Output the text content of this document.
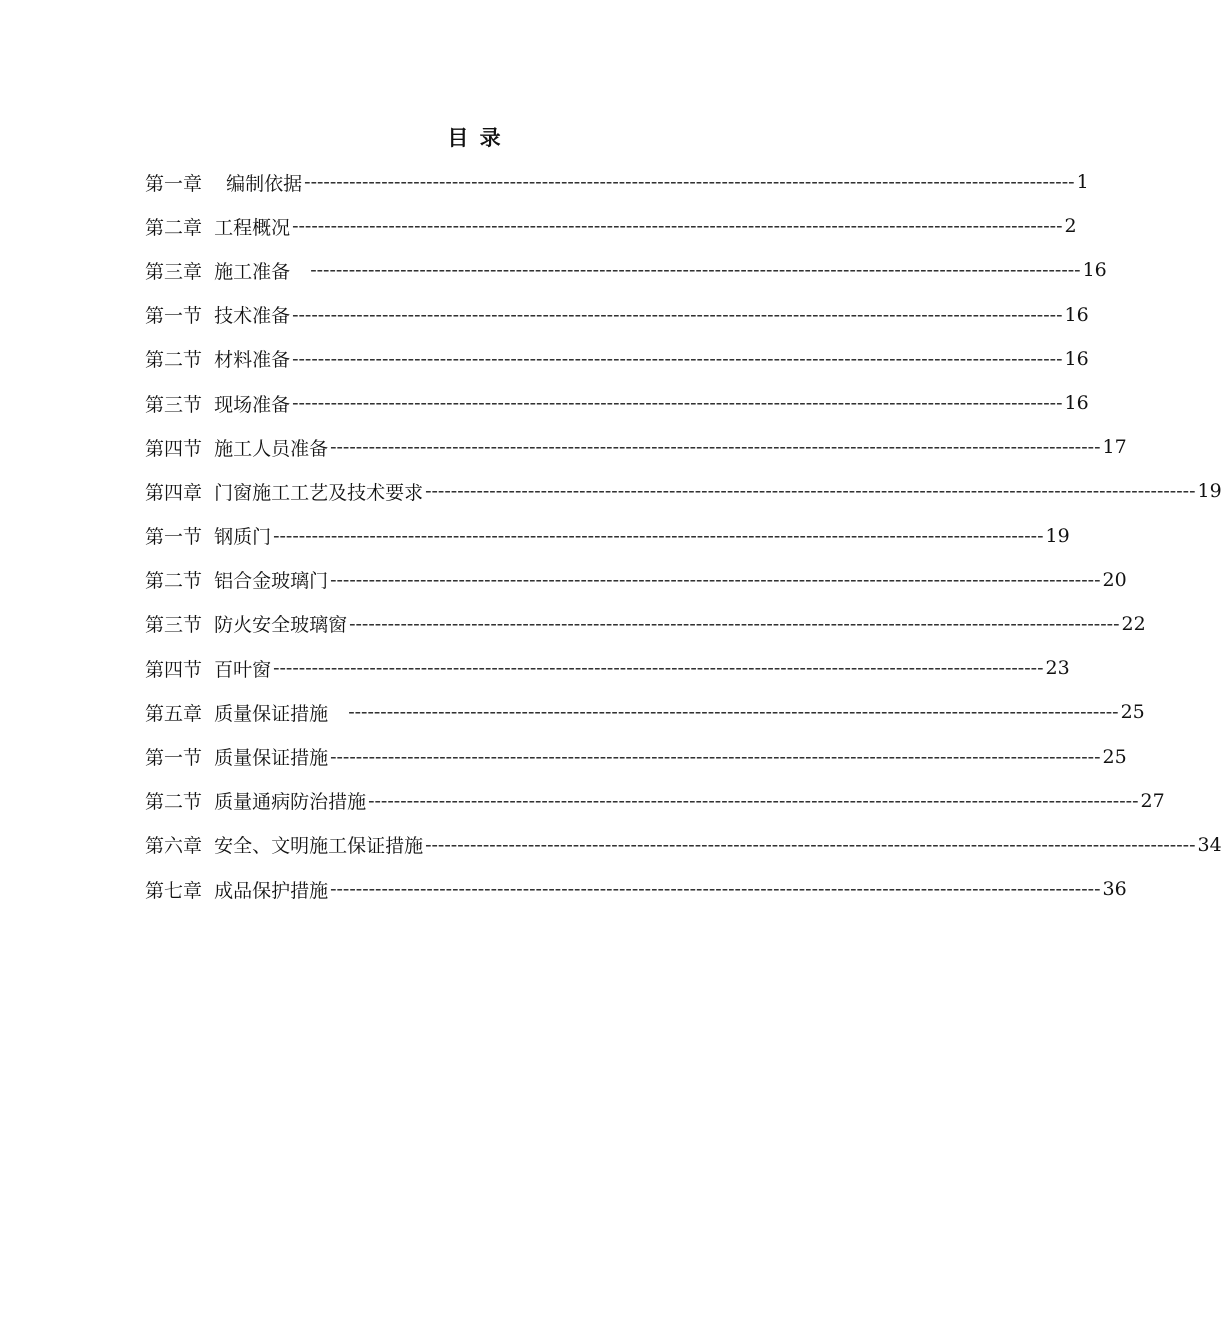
目 录
第一章    编制依据 ------------------------------------------------------------------------------------------------------------------------ 1
第二章  工程概况 ------------------------------------------------------------------------------------------------------------------------ 2
第三章  施工准备 ------------------------------------------------------------------------------------------------------------------------ 16
第一节  技术准备 ------------------------------------------------------------------------------------------------------------------------ 16
第二节  材料准备 ------------------------------------------------------------------------------------------------------------------------ 16
第三节  现场准备 ------------------------------------------------------------------------------------------------------------------------ 16
第四节  施工人员准备 ------------------------------------------------------------------------------------------------------------------------ 17
第四章  门窗施工工艺及技术要求 ------------------------------------------------------------------------------------------------------------------------ 19
第一节  钢质门 ------------------------------------------------------------------------------------------------------------------------ 19
第二节  铝合金玻璃门 ------------------------------------------------------------------------------------------------------------------------ 20
第三节  防火安全玻璃窗 ------------------------------------------------------------------------------------------------------------------------ 22
第四节  百叶窗 ------------------------------------------------------------------------------------------------------------------------ 23
第五章  质量保证措施 ------------------------------------------------------------------------------------------------------------------------ 25
第一节  质量保证措施 ------------------------------------------------------------------------------------------------------------------------ 25
第二节  质量通病防治措施 ------------------------------------------------------------------------------------------------------------------------ 27
第六章  安全、文明施工保证措施 ------------------------------------------------------------------------------------------------------------------------ 34
第七章  成品保护措施 ------------------------------------------------------------------------------------------------------------------------ 36
